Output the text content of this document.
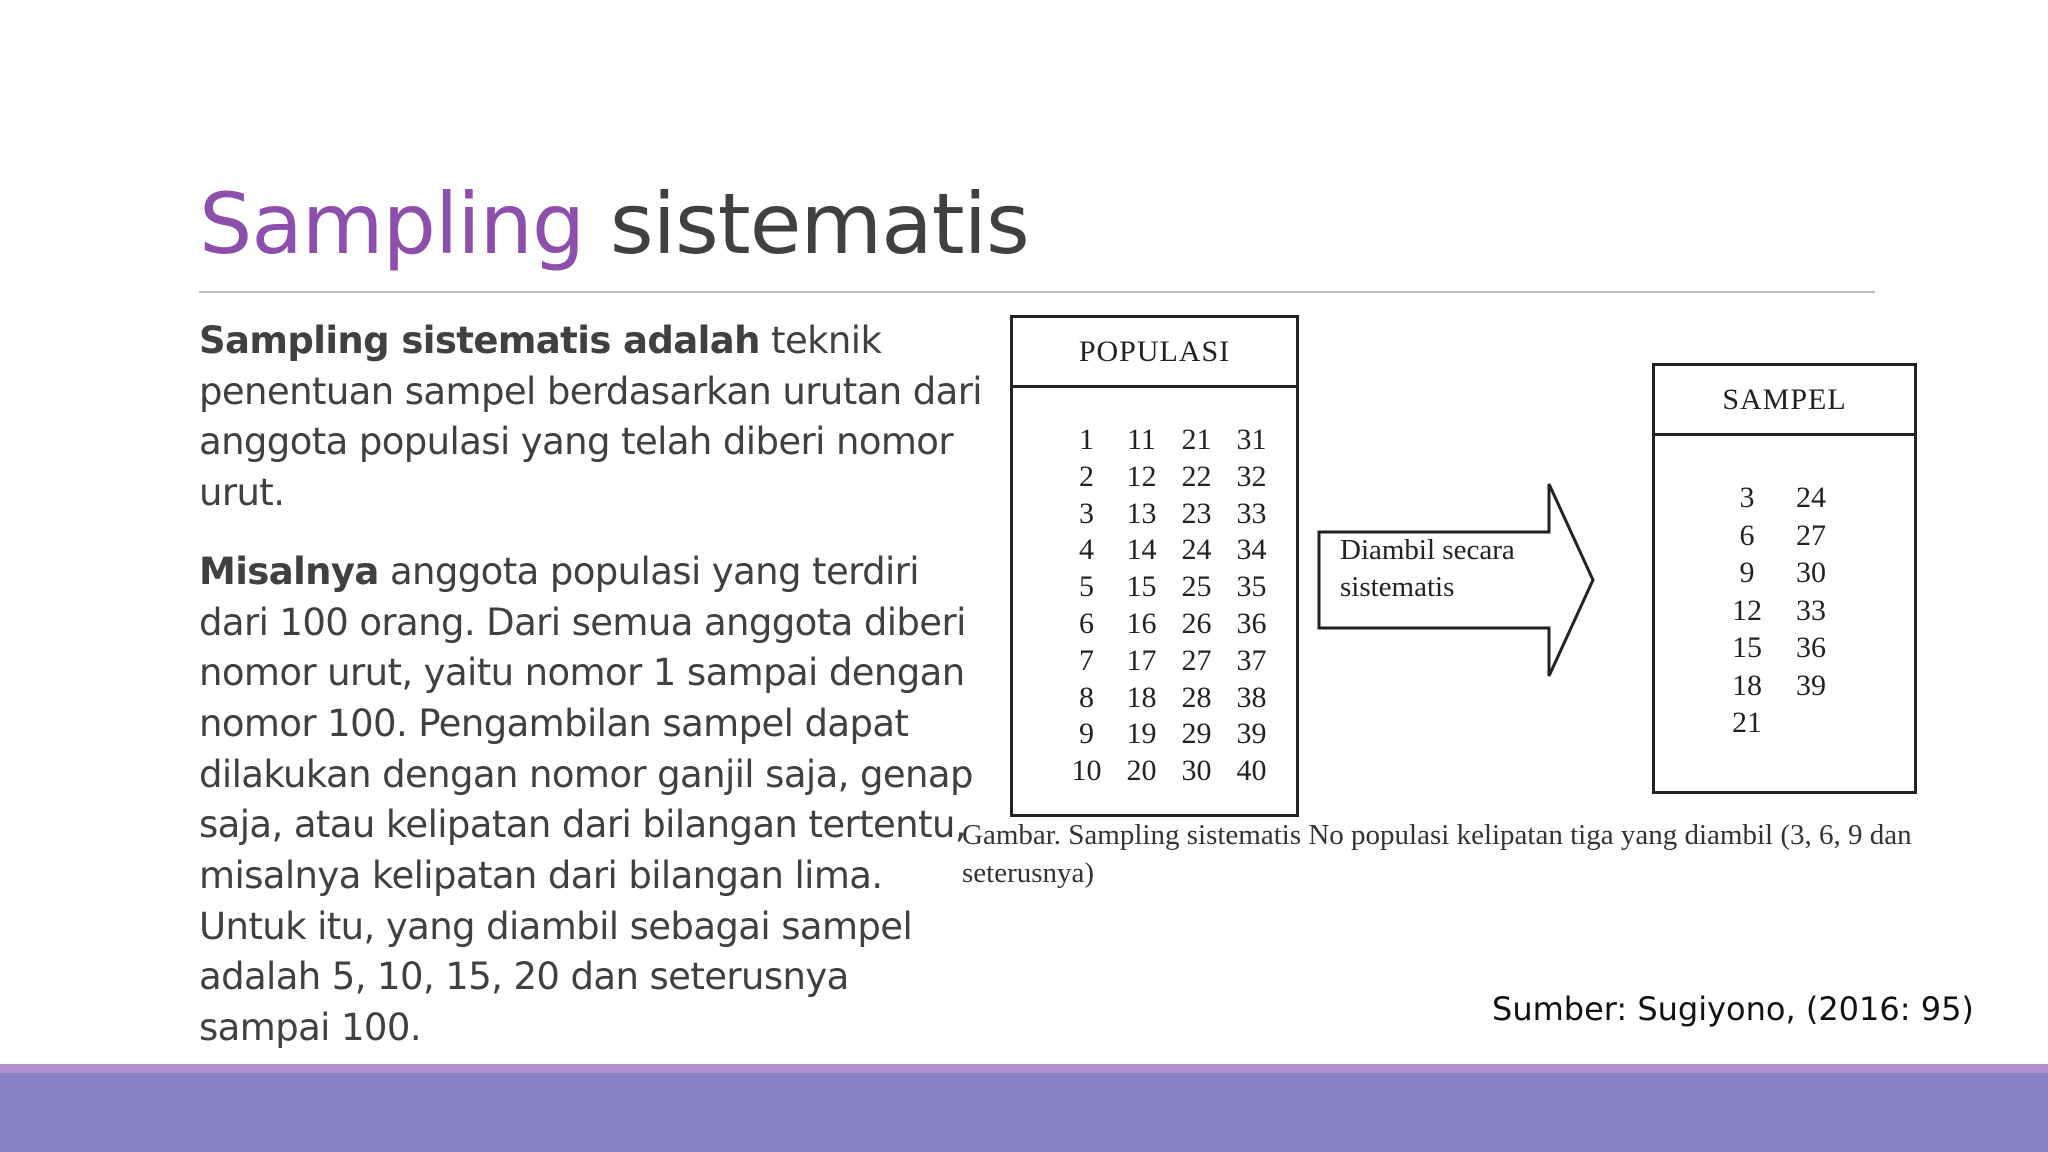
Sampling sistematis

Sampling sistematis adalah teknik penentuan sampel berdasarkan urutan dari anggota populasi yang telah diberi nomor urut.

Misalnya anggota populasi yang terdiri dari 100 orang. Dari semua anggota diberi nomor urut, yaitu nomor 1 sampai dengan nomor 100. Pengambilan sampel dapat dilakukan dengan nomor ganjil saja, genap saja, atau kelipatan dari bilangan tertentu, misalnya kelipatan dari bilangan lima. Untuk itu, yang diambil sebagai sampel adalah 5, 10, 15, 20 dan seterusnya sampai 100.

POPULASI
1	11 21 31
2	12 22 32
3	13 23 33
4	14 24 34
5	15 25 35
6	16 26 36
7	17 27 37
8	18 28 38
9	19 29 39
10 20 30 40
Diambil secara
sistematis
SAMPEL
3	24
6	27
9	30
12	33
15	36
18	39
21
Gambar. Sampling sistematis No populasi kelipatan tiga yang diambil (3, 6, 9 dan
seterusnya)
Sumber: Sugiyono, (2016: 95)
